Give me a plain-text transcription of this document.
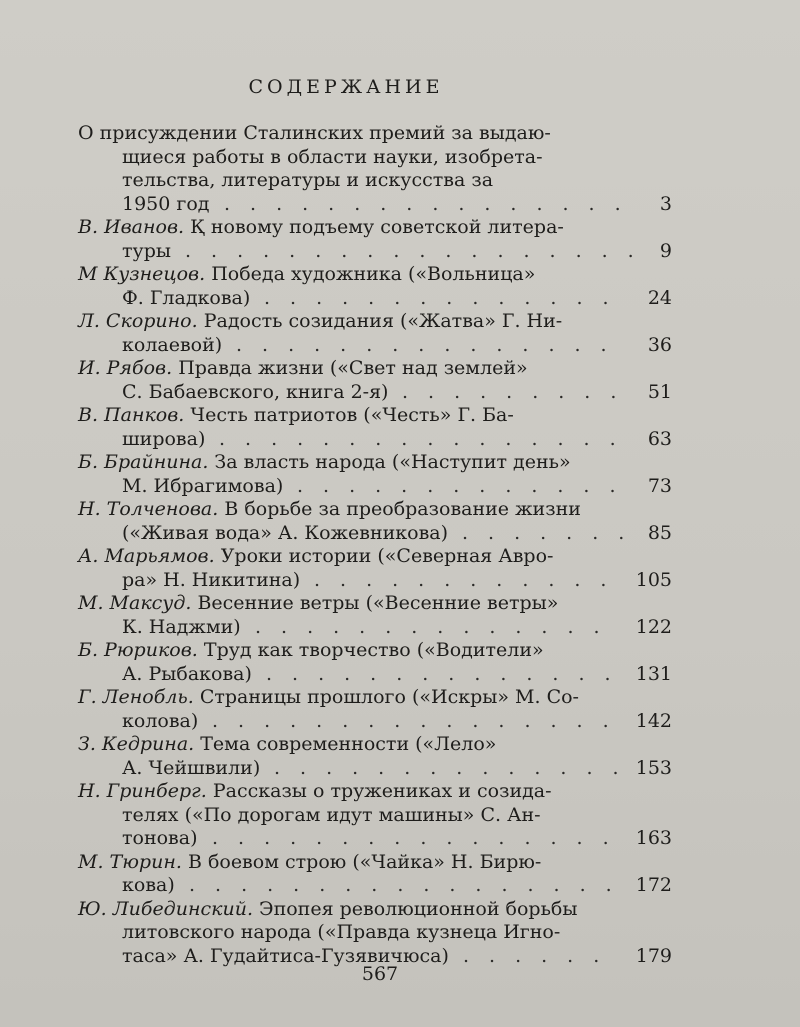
СОДЕРЖАНИЕ
О присуждении Сталинских премий за выдаю-
щиеся работы в области науки, изобрета-
тельства, литературы и искусства за
1950 год ................ 3
В. Иванов. Қ новому подъему советской литера-
туры .................. 9
М Кузнецов. Победа художника («Вольница»
Ф. Гладкова) .............. 24
Л. Скорино. Радость созидания («Жатва» Г. Ни-
колаевой) ............... 36
И. Рябов. Правда жизни («Свет над землей»
С. Бабаевского, книга 2-я) ......... 51
В. Панков. Честь патриотов («Честь» Г. Ба-
широва) ................ 63
Б. Брайнина. За власть народа («Наступит день»
М. Ибрагимова) ............. 73
Н. Толченова. В борьбе за преобразование жизни
(«Живая вода» А. Кожевникова) ....... 85
А. Марьямов. Уроки истории («Северная Авро-
ра» Н. Никитина) ............ 105
М. Максуд. Весенние ветры («Весенние ветры»
К. Наджми) .............. 122
Б. Рюриков. Труд как творчество («Водители»
А. Рыбакова) .............. 131
Г. Ленобль. Страницы прошлого («Искры» М. Со-
колова) ................ 142
З. Кедрина. Тема современности («Лело»
А. Чейшвили) ..............
153
Н. Гринберг. Рассказы о тружениках и созида-
телях («По дорогам идут машины» С. Ан-
тонова) ................ 163
М. Тюрин. В боевом строю («Чайка» Н. Бирю-
кова) ................. 172
Ю. Либединский. Эпопея революционной борьбы
литовского народа («Правда кузнеца Игно-
таса» А. Гудайтиса-Гузявичюса) ...... 179
567
